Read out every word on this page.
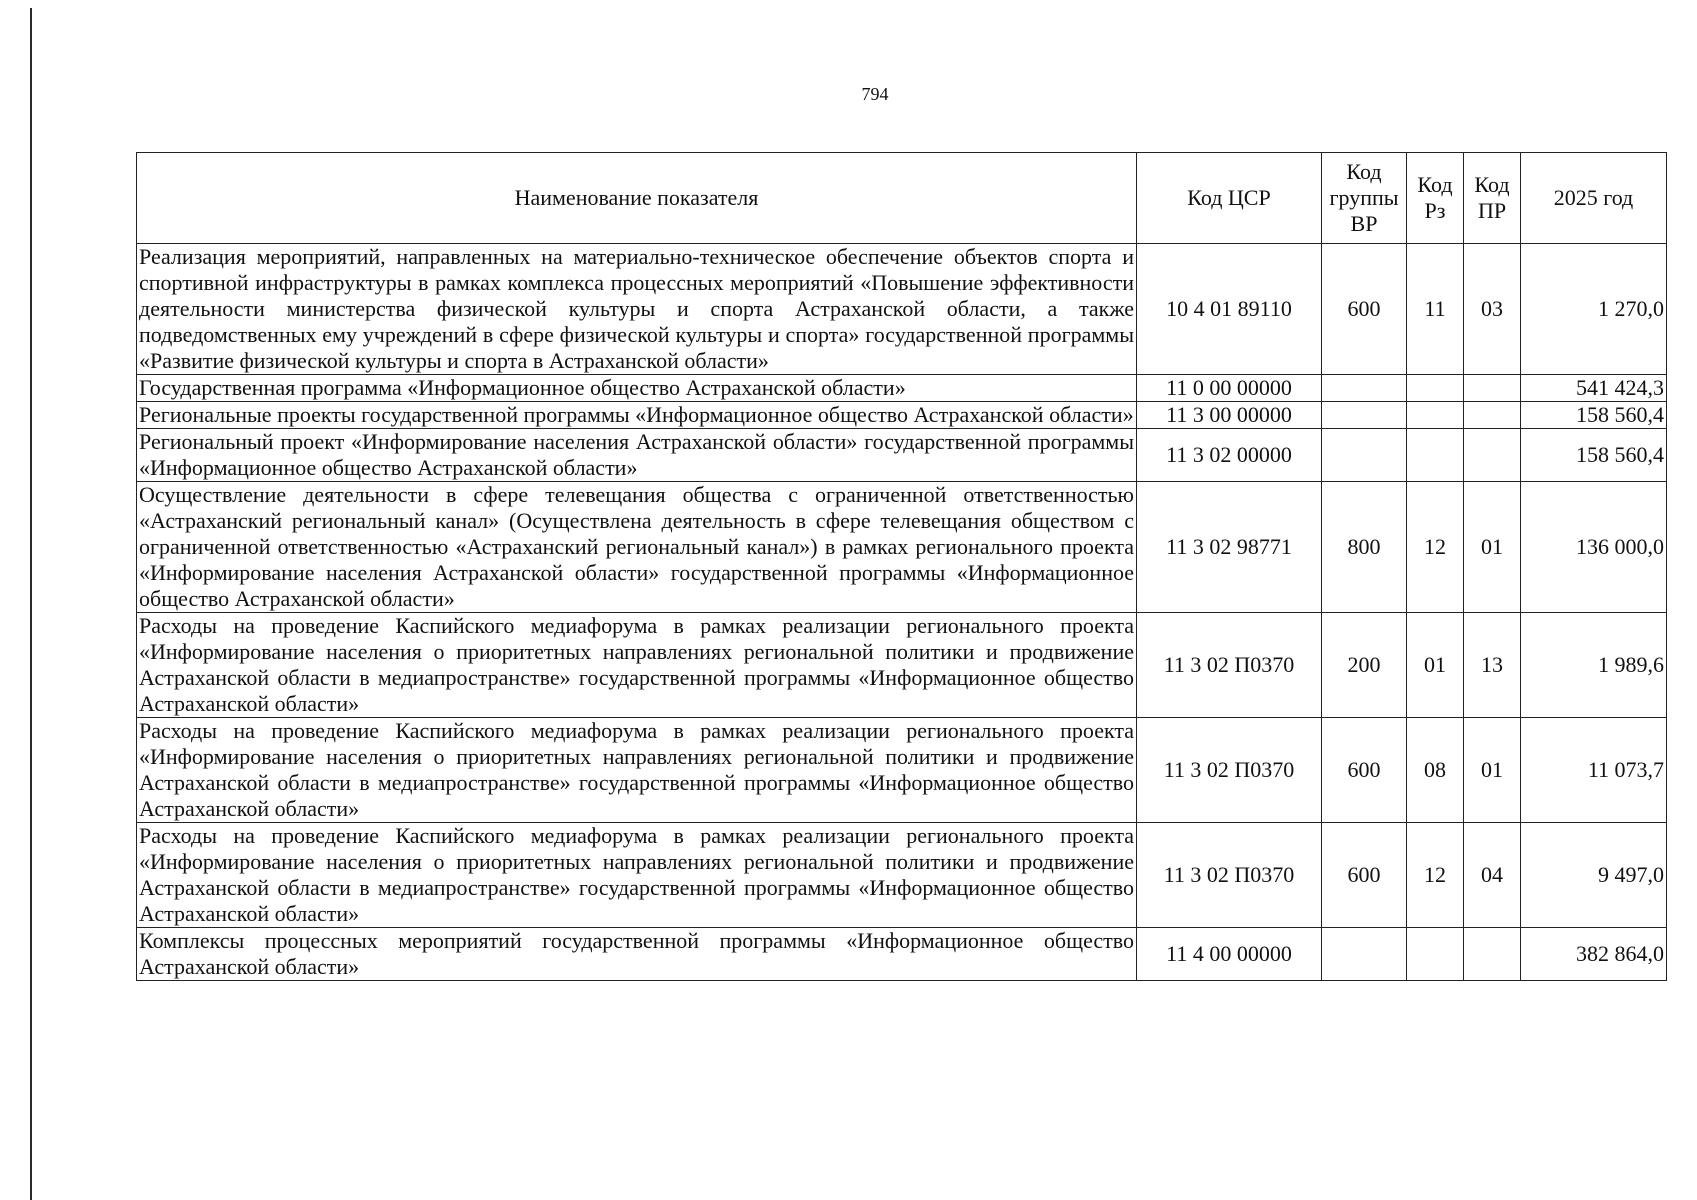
794
Наименование показателя	Код ЦСР	Код группы ВР	Код Рз	Код ПР	2025 год
Реализация мероприятий, направленных на материально-техническое обеспечение объектов спорта и спортивной инфраструктуры в рамках комплекса процессных мероприятий «Повышение эффективности деятельности министерства физической культуры и спорта Астраханской области, а также подведомственных ему учреждений в сфере физической культуры и спорта» государственной программы «Развитие физической культуры и спорта в Астраханской области»	10 4 01 89110	600	11	03	1 270,0
Государственная программа «Информационное общество Астраханской области»	11 0 00 00000				541 424,3
Региональные проекты государственной программы «Информационное общество Астраханской области»	11 3 00 00000				158 560,4
Региональный проект «Информирование населения Астраханской области» государственной программы «Информационное общество Астраханской области»	11 3 02 00000				158 560,4
Осуществление деятельности в сфере телевещания общества с ограниченной ответственностью «Астраханский региональный канал» (Осуществлена деятельность в сфере телевещания обществом с ограниченной ответственностью «Астраханский региональный канал») в рамках регионального проекта «Информирование населения Астраханской области» государственной программы «Информационное общество Астраханской области»	11 3 02 98771	800	12	01	136 000,0
Расходы на проведение Каспийского медиафорума в рамках реализации регионального проекта «Информирование населения о приоритетных направлениях региональной политики и продвижение Астраханской области в медиапространстве» государственной программы «Информационное общество Астраханской области»	11 3 02 П0370	200	01	13	1 989,6
Расходы на проведение Каспийского медиафорума в рамках реализации регионального проекта «Информирование населения о приоритетных направлениях региональной политики и продвижение Астраханской области в медиапространстве» государственной программы «Информационное общество Астраханской области»	11 3 02 П0370	600	08	01	11 073,7
Расходы на проведение Каспийского медиафорума в рамках реализации регионального проекта «Информирование населения о приоритетных направлениях региональной политики и продвижение Астраханской области в медиапространстве» государственной программы «Информационное общество Астраханской области»	11 3 02 П0370	600	12	04	9 497,0
Комплексы процессных мероприятий государственной программы «Информационное общество Астраханской области»	11 4 00 00000				382 864,0
